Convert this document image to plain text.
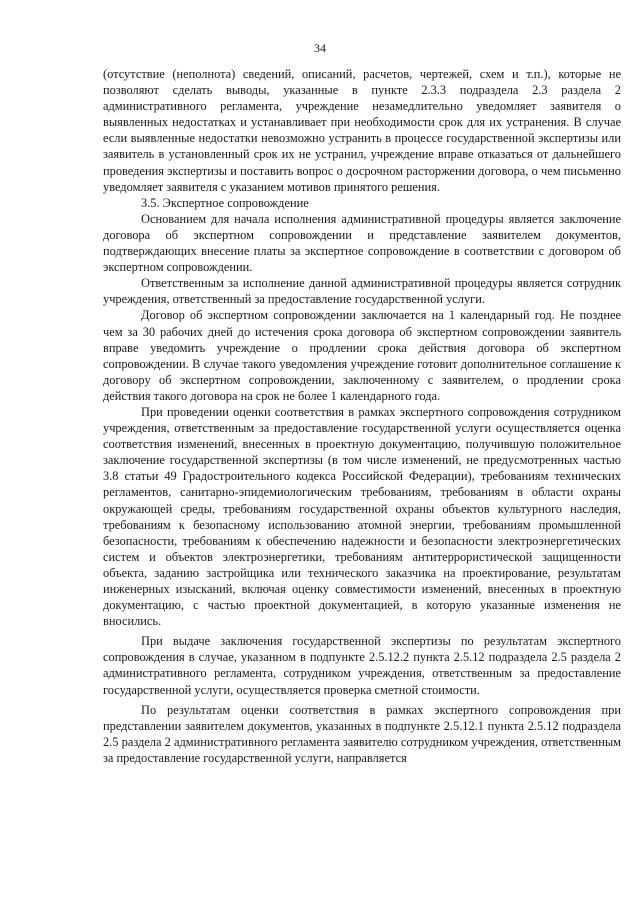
34

(отсутствие (неполнота) сведений, описаний, расчетов, чертежей, схем и т.п.), которые не позволяют сделать выводы, указанные в пункте 2.3.3 подраздела 2.3 раздела 2 административного регламента, учреждение незамедлительно уведомляет заявителя о выявленных недостатках и устанавливает при необходимости срок для их устранения. В случае если выявленные недостатки невозможно устранить в процессе государственной экспертизы или заявитель в установленный срок их не устранил, учреждение вправе отказаться от дальнейшего проведения экспертизы и поставить вопрос о досрочном расторжении договора, о чем письменно уведомляет заявителя с указанием мотивов принятого решения.

3.5. Экспертное сопровождение

Основанием для начала исполнения административной процедуры является заключение договора об экспертном сопровождении и представление заявителем документов, подтверждающих внесение платы за экспертное сопровождение в соответствии с договором об экспертном сопровождении.

Ответственным за исполнение данной административной процедуры является сотрудник учреждения, ответственный за предоставление государственной услуги.

Договор об экспертном сопровождении заключается на 1 календарный год. Не позднее чем за 30 рабочих дней до истечения срока договора об экспертном сопровождении заявитель вправе уведомить учреждение о продлении срока действия договора об экспертном сопровождении. В случае такого уведомления учреждение готовит дополнительное соглашение к договору об экспертном сопровождении, заключенному с заявителем, о продлении срока действия такого договора на срок не более 1 календарного года.

При проведении оценки соответствия в рамках экспертного сопровождения сотрудником учреждения, ответственным за предоставление государственной услуги осуществляется оценка соответствия изменений, внесенных в проектную документацию, получившую положительное заключение государственной экспертизы (в том числе изменений, не предусмотренных частью 3.8 статьи 49 Градостроительного кодекса Российской Федерации), требованиям технических регламентов, санитарно-эпидемиологическим требованиям, требованиям в области охраны окружающей среды, требованиям государственной охраны объектов культурного наследия, требованиям к безопасному использованию атомной энергии, требованиям промышленной безопасности, требованиям к обеспечению надежности и безопасности электроэнергетических систем и объектов электроэнергетики, требованиям антитеррористической защищенности объекта, заданию застройщика или технического заказчика на проектирование, результатам инженерных изысканий, включая оценку совместимости изменений, внесенных в проектную документацию, с частью проектной документацией, в которую указанные изменения не вносились.

При выдаче заключения государственной экспертизы по результатам экспертного сопровождения в случае, указанном в подпункте 2.5.12.2 пункта 2.5.12 подраздела 2.5 раздела 2 административного регламента, сотрудником учреждения, ответственным за предоставление государственной услуги, осуществляется проверка сметной стоимости.

По результатам оценки соответствия в рамках экспертного сопровождения при представлении заявителем документов, указанных в подпункте 2.5.12.1 пункта 2.5.12 подраздела 2.5 раздела 2 административного регламента заявителю сотрудником учреждения, ответственным за предоставление государственной услуги, направляется
